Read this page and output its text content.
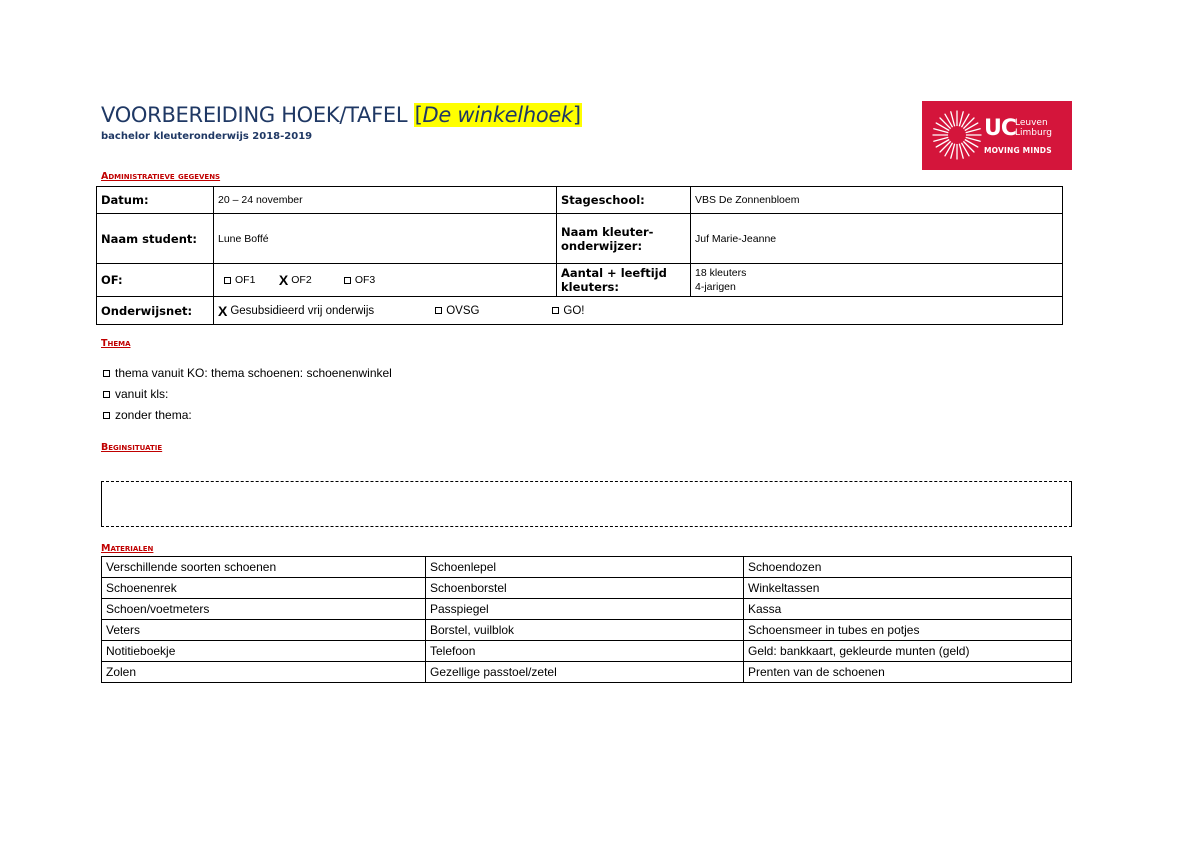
VOORBEREIDING HOEK/TAFEL [De winkelhoek]
bachelor kleuteronderwijs 2018-2019	UC
Leuven
Limburg
MOVING MINDS
Administratieve gegevens
Datum:	20 – 24 november	Stageschool:	VBS De Zonnenbloem
Naam student:	Lune Boffé	Naam kleuter-onderwijzer:	Juf Marie-Jeanne
OF:	OF1 X OF2 OF3	Aantal + leeftijd kleuters:	18 kleuters
4-jarigen

Onderwijsnet:	X Gesubsidieerd vrij onderwijs OVSG GO!		
Thema
thema vanuit KO: thema schoenen: schoenenwinkel
vanuit kls:
zonder thema:
Beginsituatie
Materialen
Verschillende soorten schoenen	Schoenlepel	Schoendozen
Schoenenrek	Schoenborstel	Winkeltassen
Schoen/voetmeters	Passpiegel	Kassa
Veters	Borstel, vuilblok	Schoensmeer in tubes en potjes
Notitieboekje	Telefoon	Geld: bankkaart, gekleurde munten (geld)
Zolen	Gezellige passtoel/zetel	Prenten van de schoenen
